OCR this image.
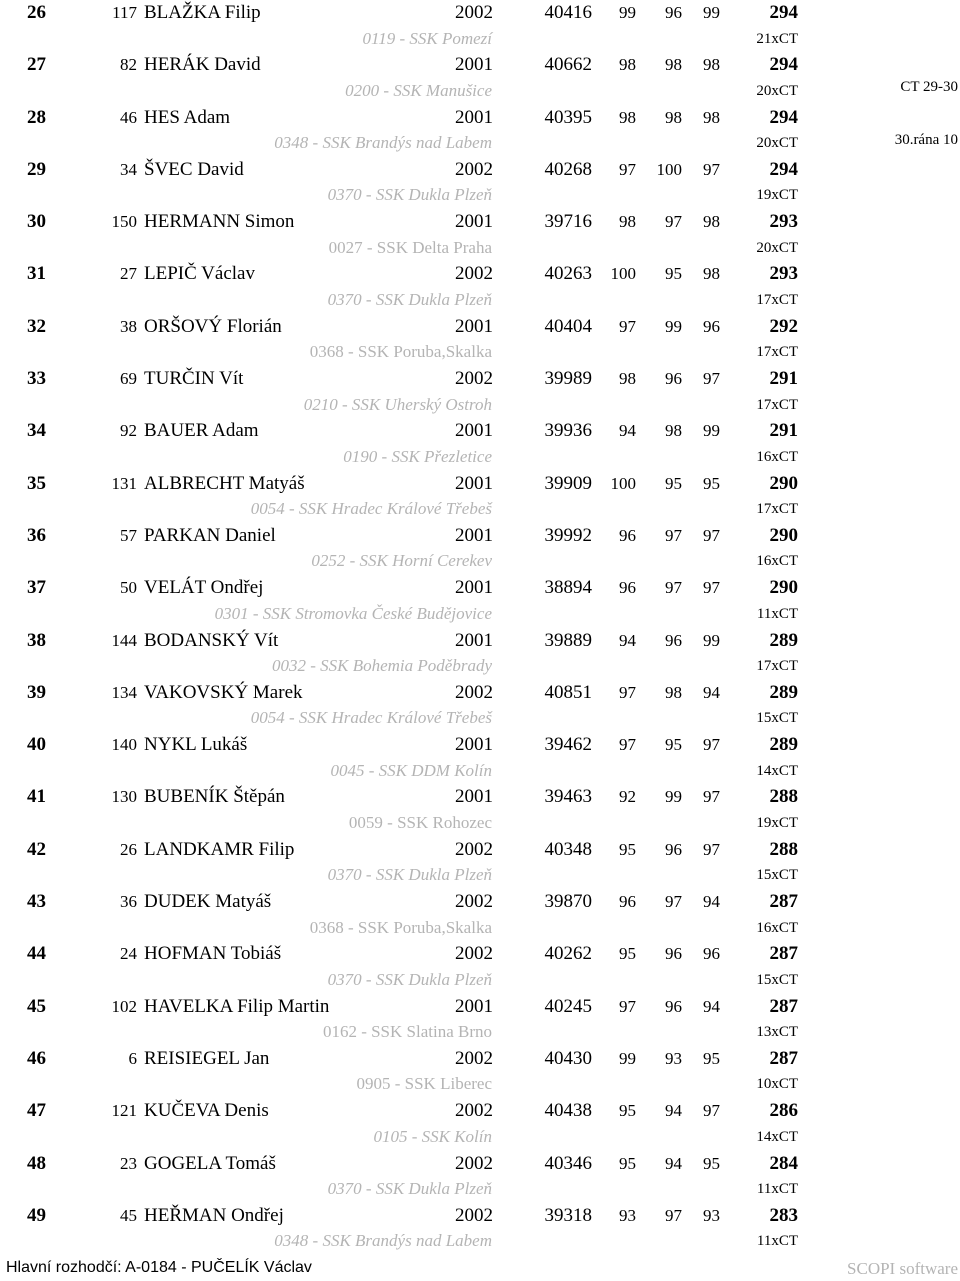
26	117 BLAŽKA Filip	2002	40416	99	96	99	294
0119 - SSK Pomezí	21xCT
27	82 HERÁK David	2001	40662	98	98	98	294
0200 - SSK Manušice	20xCT
28	46 HES Adam	2001	40395	98	98	98	294
0348 - SSK Brandýs nad Labem	20xCT
29	34 ŠVEC David	2002	40268	97	100	97	294
0370 - SSK Dukla Plzeň	19xCT
30	150 HERMANN Simon	2001	39716	98	97	98	293
0027 - SSK Delta Praha	20xCT
31	27 LEPIČ Václav	2002	40263	100	95	98	293
0370 - SSK Dukla Plzeň	17xCT
32	38 ORŠOVÝ Florián	2001	40404	97	99	96	292
0368 - SSK Poruba,Skalka	17xCT
33	69 TURČIN Vít	2002	39989	98	96	97	291
0210 - SSK Uherský Ostroh	17xCT
34	92 BAUER Adam	2001	39936	94	98	99	291
0190 - SSK Přezletice	16xCT
35	131 ALBRECHT Matyáš	2001	39909	100	95	95	290
0054 - SSK Hradec Králové Třebeš	17xCT
36	57 PARKAN Daniel	2001	39992	96	97	97	290
0252 - SSK Horní Cerekev	16xCT
37	50 VELÁT Ondřej	2001	38894	96	97	97	290
0301 - SSK Stromovka České Budějovice	11xCT
38	144 BODANSKÝ Vít	2001	39889	94	96	99	289
0032 - SSK Bohemia Poděbrady	17xCT
39	134 VAKOVSKÝ Marek	2002	40851	97	98	94	289
0054 - SSK Hradec Králové Třebeš	15xCT
40	140 NYKL Lukáš	2001	39462	97	95	97	289
0045 - SSK DDM Kolín	14xCT
41	130 BUBENÍK Štěpán	2001	39463	92	99	97	288
0059 - SSK Rohozec	19xCT
42	26 LANDKAMR Filip	2002	40348	95	96	97	288
0370 - SSK Dukla Plzeň	15xCT
43	36 DUDEK Matyáš	2002	39870	96	97	94	287
0368 - SSK Poruba,Skalka	16xCT
44	24 HOFMAN Tobiáš	2002	40262	95	96	96	287
0370 - SSK Dukla Plzeň	15xCT
45	102 HAVELKA Filip Martin	2001	40245	97	96	94	287
0162 - SSK Slatina Brno	13xCT
46	6 REISIEGEL Jan	2002	40430	99	93	95	287
0905 - SSK Liberec	10xCT
47	121 KUČEVA Denis	2002	40438	95	94	97	286
0105 - SSK Kolín	14xCT
48	23 GOGELA Tomáš	2002	40346	95	94	95	284
0370 - SSK Dukla Plzeň	11xCT
49	45 HEŘMAN Ondřej	2002	39318	93	97	93	283
0348 - SSK Brandýs nad Labem	11xCT
CT 29-30
30.rána 10
Hlavní rozhodčí: A-0184 - PUČELÍK Václav	SCOPI software
